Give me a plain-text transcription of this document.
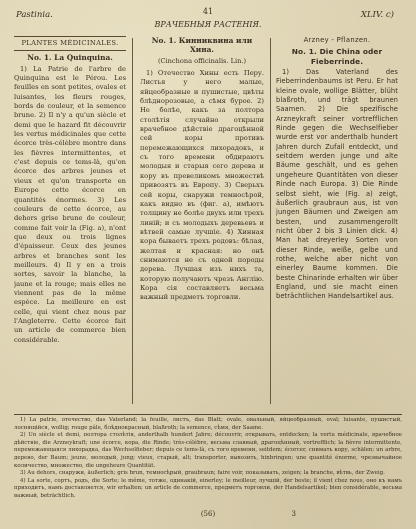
41
Pastinia.
ВРАЧЕБНЫЯ РАСТЕНІЯ.
XLIV. c)
PLANTES MÉDICINALES.
No. 1. La Quinquina.

1) La Patrie de l'arbre de Quinquina est le Pérou. Les feuilles en sont petites, ovales et luisantes, les fleurs rouges, bords de couleur, et la semence brune. 2) Il n'y a qu'un siècle et demi que le hazard fit découvrir les vertus médicinales que cette écorce très-célèbre montre dans les fièvres intermittentes, et c'est depuis ce tems-là, qu'on écorce des arbres jeunes et vieux et qu'on transporte en Europe cette écorce en quantités énormes. 3) Les couleurs de cette écorce, au dehors grise brune de couleur, comme fait voir la (Fig. a), n'ont que deux ou trois lignes d'épaisseur. Ceux des jeunes arbres et branches sont les meilleurs. 4) Il y en a trois sortes, savoir la blanche, la jaune et la rouge; mais elles ne viennent pas de la même espèce. La meilleure en est celle, qui vient chez nous par l'Angleterre. Cette écorce fait un article de commerce bien considérable.

No. 1. Кинниквина или Хина.
(Cinchona officinalis. Lin.)

1) Отечество Хины есть Перу. Листья у него малые, яйцеобразные и пушистые, цвѣты блѣднорозовые, а сѣмя бурое. 2) Не болѣе, какъ за полтора столѣтія случайно открыли врачебное дѣйствіе драгоцѣнной сей коры противъ перемежающихся лихорадокъ, и съ того времени обдираютъ молодыя и старыя сего дерева и кору въ превеликомъ множествѣ привозятъ въ Европу. 3) Сверьхъ сей коры, снаружи темносѣрой, какъ видно въ (фиг. a), имѣютъ толщину не болѣе двухъ или трехъ линій; и съ молодыхъ деревьевъ и вѣтвей самые лучшіе. 4) Хинная кора бываетъ трехъ родовъ: бѣлая, желтая и красная: но онѣ снимаются не съ одной породы дерева. Лучшая изъ нихъ та, которую получаютъ чрезъ Англію. Кора сія составляетъ весьма важный предметъ торговли.

Arzney - Pflanzen.
No. 1. Die China oder Fieberrinde.

1) Das Vaterland des Fieberrindenbaums ist Peru. Er hat kleine ovale, wollige Blätter, blüht blaßroth, und trägt braunen Saamen. 2) Die spezifische Arzneykraft seiner vortrefflichen Rinde gegen die Wechselfieber wurde erst vor anderthalb hundert Jahren durch Zufall entdeckt, und seitdem werden junge und alte Bäume geschält, und es gehen ungeheure Quantitäten von dieser Rinde nach Europa. 3) Die Rinde selbst sieht, wie (Fig. a) zeigt, äußerlich graubraun aus, ist von jungen Bäumen und Zweigen am besten, und zusammengerollt nicht über 2 bis 3 Linien dick. 4) Man hat dreyerley Sorten von dieser Rinde, weiße, gelbe und rothe, welche aber nicht von einerley Baume kommen. Die beste Chinarinde erhalten wir über England, und sie macht einen beträchtlichen Handelsartikel aus.

1) La patrie, отечество, das Vaterland; la feuille, листъ, das Blatt; ovale, овальный, яйцеобразный, oval; luisante, пушистый, лоснящійся, wollig; rouge pâle, блѣднокрасный, blaßroth; la semence, сѣмя, der Saame.

2) Un siècle et demi, полтора столѣтія, anderthalb hundert Jahre; découvrir, открывать, entdecken; la vertu médicinale, врачебное дѣйствіе, die Arzneykraft; une écorce, кора, die Rinde; très-célèbre, весьма славный, драгоцѣнный, vortrefflich; la fièvre intermittente, перемежающаяся лихорадка, das Wechselfieber; depuis ce tems-là, съ того времени, seitdem; écorcer, снимать кору, schälen; un arbre, дерево, der Baum; jeune, молодый, jung; vieux, старый, alt; transporter, вывозить, hinbringen; une quantité énorme, чрезвычайное количество, множество, die ungeheure Quantität.

3) Au dehors, снаружи, äußerlich; gris brun, темносѣрый, graubraun; faire voir, показывать, zeigen; la branche, вѣтвь, der Zweig.

4) La sorte, сортъ, родъ, die Sorte; le même, тотже, одинакій, einerley; le meilleur, лучшій, der beste; il vient chez nous, оно къ намъ приходитъ, намъ доставляется, wir erhalten; un article de commerce, предметъ торговли, der Handelsartikel; bien considérable, весьма важный, beträchtlich.

(56)	3
